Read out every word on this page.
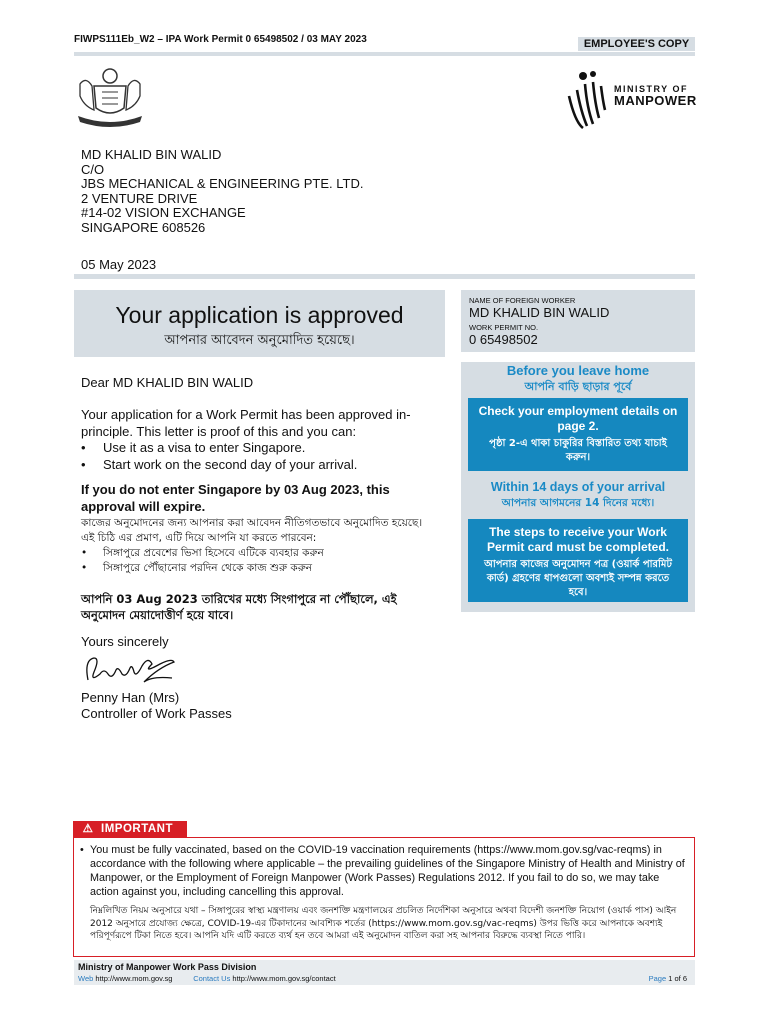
FIWPS111Eb_W2 – IPA Work Permit 0 65498502 / 03 MAY 2023	EMPLOYEE'S COPY
MINISTRY OF
MANPOWER
MD KHALID BIN WALID
C/O
JBS MECHANICAL & ENGINEERING PTE. LTD.
2 VENTURE DRIVE
#14-02 VISION EXCHANGE
SINGAPORE 608526
05 May 2023
Your application is approved
আপনার আবেদন অনুমোদিত হয়েছে।
NAME OF FOREIGN WORKER
MD KHALID BIN WALID
WORK PERMIT NO.
0 65498502
Dear MD KHALID BIN WALID
Your application for a Work Permit has been approved in-principle. This letter is proof of this and you can:
• Use it as a visa to enter Singapore.
• Start work on the second day of your arrival.
If you do not enter Singapore by 03 Aug 2023, this approval will expire.
কাজের অনুমোদনের জন্য আপনার করা আবেদন নীতিগতভাবে অনুমোদিত হয়েছে।এই চিঠি এর প্রমাণ, এটি দিয়ে আপনি যা করতে পারবেন:
• সিঙ্গাপুরে প্রবেশের ভিসা হিসেবে এটিকে ব্যবহার করুন
• সিঙ্গাপুরে পৌঁছানোর পরদিন থেকে কাজ শুরু করুন
আপনি 03 Aug 2023 তারিখের মধ্যে সিংগাপুরে না পৌঁছালে, এই অনুমোদন মেয়াদোত্তীর্ণ হয়ে যাবে।
Yours sincerely
Penny Han (Mrs)
Controller of Work Passes
Before you leave home
আপনি বাড়ি ছাড়ার পূর্বে
Check your employment details on page 2.
পৃষ্ঠা 2-এ থাকা চাকুরির বিস্তারিত তথ্য যাচাই করুন।
Within 14 days of your arrival
আপনার আগমনের 14 দিনের মধ্যে।
The steps to receive your Work Permit card must be completed.
আপনার কাজের অনুমোদন পত্র (ওয়ার্ক পারমিট কার্ড) গ্রহণের ধাপগুলো অবশ্যই সম্পন্ন করতে হবে।
⚠ IMPORTANT
• You must be fully vaccinated, based on the COVID-19 vaccination requirements (https://www.mom.gov.sg/vac-reqms) in accordance with the following where applicable – the prevailing guidelines of the Singapore Ministry of Health and Ministry of Manpower, or the Employment of Foreign Manpower (Work Passes) Regulations 2012. If you fail to do so, we may take action against you, including cancelling this approval.
নিম্নলিখিত নিয়ম অনুসারে যথা – সিঙ্গাপুরের স্বাস্থ্য মন্ত্রণালয় এবং জনশক্তি মন্ত্রণালয়ের প্রচলিত নির্দেশিকা অনুসারে অথবা বিদেশী জনশক্তি নিয়োগ (ওয়ার্ক পাস) আইন 2012 অনুসারে প্রযোজ্য ক্ষেত্রে, COVID-19-এর টিকাদানের আবশ্যিক শর্তের (https://www.mom.gov.sg/vac-reqms) উপর ভিত্তি করে আপনাকে অবশ্যই পরিপূর্ণরূপে টিকা নিতে হবে। আপনি যদি এটি করতে ব্যর্থ হন তবে আমরা এই অনুমোদন বাতিল করা সহ আপনার বিরুদ্ধে ব্যবস্থা নিতে পারি।
Ministry of Manpower Work Pass Division
Web http://www.mom.gov.sg	Contact Us http://www.mom.gov.sg/contact	Page 1 of 6
